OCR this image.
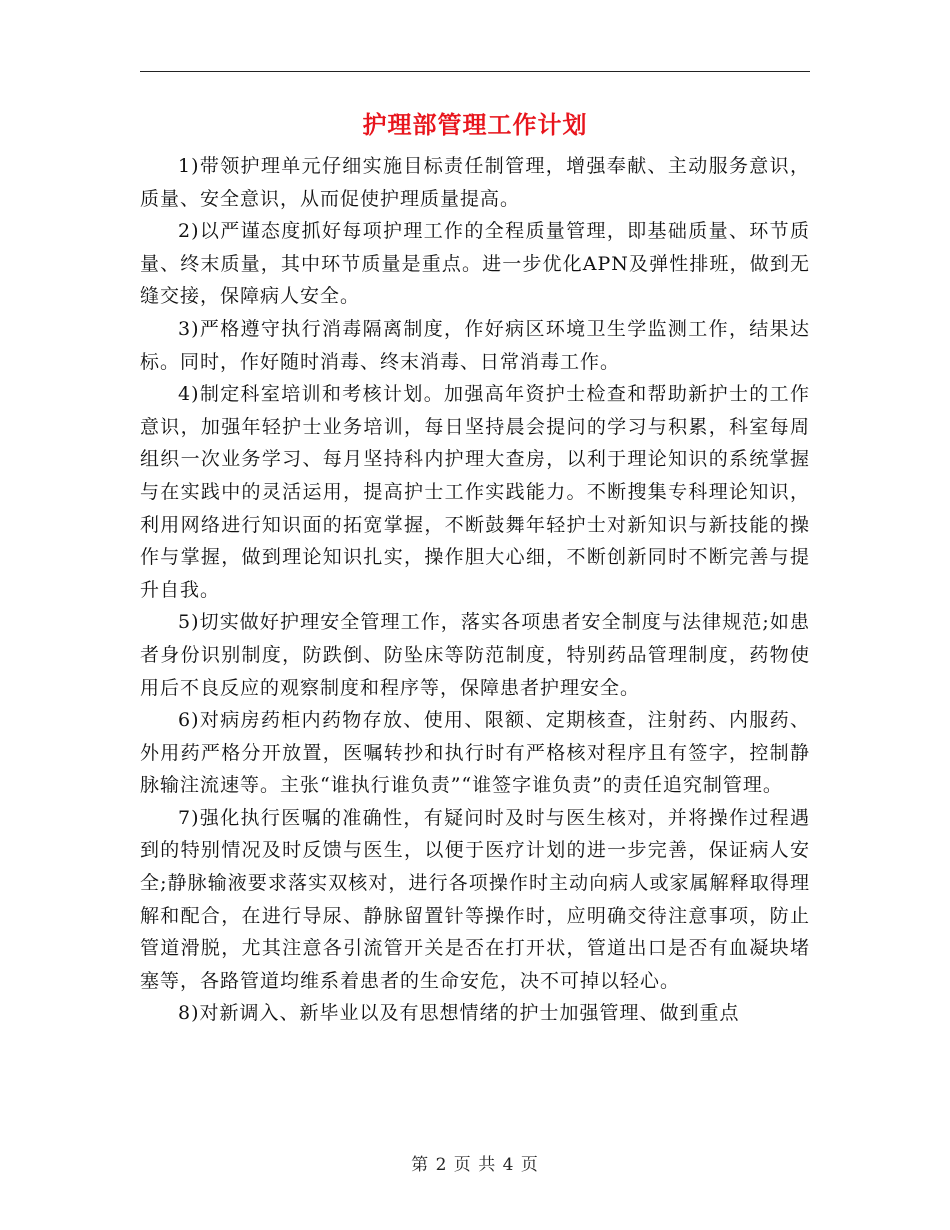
护理部管理工作计划

1)带领护理单元仔细实施目标责任制管理，增强奉献、主动服务意识，质量、安全意识，从而促使护理质量提高。

2)以严谨态度抓好每项护理工作的全程质量管理，即基础质量、环节质量、终末质量，其中环节质量是重点。进一步优化APN及弹性排班，做到无缝交接，保障病人安全。

3)严格遵守执行消毒隔离制度，作好病区环境卫生学监测工作，结果达标。同时，作好随时消毒、终末消毒、日常消毒工作。

4)制定科室培训和考核计划。加强高年资护士检查和帮助新护士的工作意识，加强年轻护士业务培训，每日坚持晨会提问的学习与积累，科室每周组织一次业务学习、每月坚持科内护理大查房，以利于理论知识的系统掌握与在实践中的灵活运用，提高护士工作实践能力。不断搜集专科理论知识，利用网络进行知识面的拓宽掌握，不断鼓舞年轻护士对新知识与新技能的操作与掌握，做到理论知识扎实，操作胆大心细，不断创新同时不断完善与提升自我。

5)切实做好护理安全管理工作，落实各项患者安全制度与法律规范;如患者身份识别制度，防跌倒、防坠床等防范制度，特别药品管理制度，药物使用后不良反应的观察制度和程序等，保障患者护理安全。

6)对病房药柜内药物存放、使用、限额、定期核查，注射药、内服药、外用药严格分开放置，医嘱转抄和执行时有严格核对程序且有签字，控制静脉输注流速等。主张“谁执行谁负责”“谁签字谁负责”的责任追究制管理。

7)强化执行医嘱的准确性，有疑问时及时与医生核对，并将操作过程遇到的特别情况及时反馈与医生，以便于医疗计划的进一步完善，保证病人安全;静脉输液要求落实双核对，进行各项操作时主动向病人或家属解释取得理解和配合，在进行导尿、静脉留置针等操作时，应明确交待注意事项，防止管道滑脱，尤其注意各引流管开关是否在打开状，管道出口是否有血凝块堵塞等，各路管道均维系着患者的生命安危，决不可掉以轻心。

8)对新调入、新毕业以及有思想情绪的护士加强管理、做到重点

第 2 页 共 4 页
